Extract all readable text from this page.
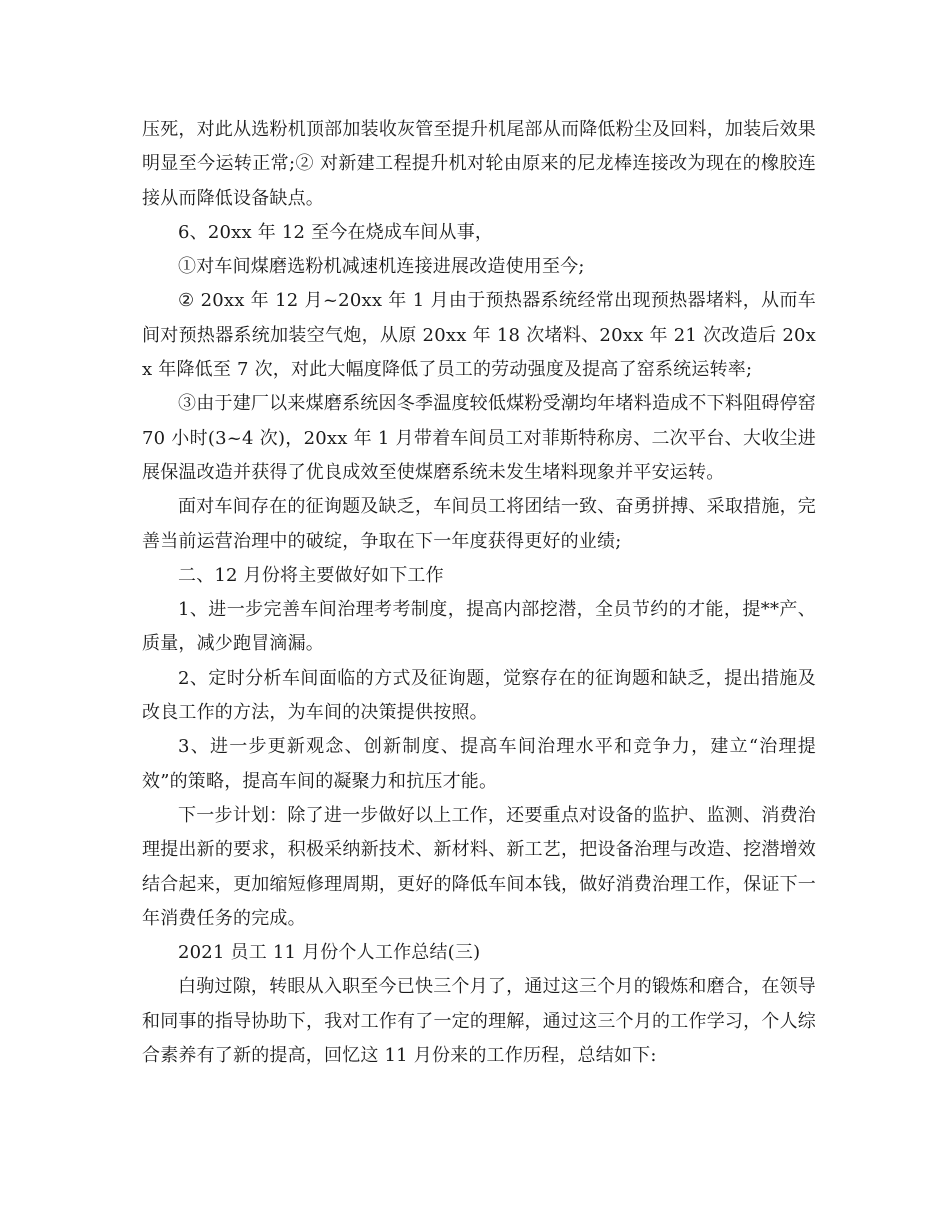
压死，对此从选粉机顶部加装收灰管至提升机尾部从而降低粉尘及回料，加装后效果明显至今运转正常;② 对新建工程提升机对轮由原来的尼龙棒连接改为现在的橡胶连接从而降低设备缺点。

6、20xx 年 12 至今在烧成车间从事，

①对车间煤磨选粉机减速机连接进展改造使用至今;

② 20xx 年 12 月~20xx 年 1 月由于预热器系统经常出现预热器堵料，从而车间对预热器系统加装空气炮，从原 20xx 年 18 次堵料、20xx 年 21 次改造后 20xx 年降低至 7 次，对此大幅度降低了员工的劳动强度及提高了窑系统运转率;

③由于建厂以来煤磨系统因冬季温度较低煤粉受潮均年堵料造成不下料阻碍停窑 70 小时(3~4 次)，20xx 年 1 月带着车间员工对菲斯特称房、二次平台、大收尘进展保温改造并获得了优良成效至使煤磨系统未发生堵料现象并平安运转。

面对车间存在的征询题及缺乏，车间员工将团结一致、奋勇拼搏、采取措施，完善当前运营治理中的破绽，争取在下一年度获得更好的业绩;

二、12 月份将主要做好如下工作

1、进一步完善车间治理考考制度，提高内部挖潜，全员节约的才能，提**产、质量，减少跑冒滴漏。

2、定时分析车间面临的方式及征询题，觉察存在的征询题和缺乏，提出措施及改良工作的方法，为车间的决策提供按照。

3、进一步更新观念、创新制度、提高车间治理水平和竞争力，建立“治理提效”的策略，提高车间的凝聚力和抗压才能。

下一步计划：除了进一步做好以上工作，还要重点对设备的监护、监测、消费治理提出新的要求，积极采纳新技术、新材料、新工艺，把设备治理与改造、挖潜增效结合起来，更加缩短修理周期，更好的降低车间本钱，做好消费治理工作，保证下一年消费任务的完成。

2021 员工 11 月份个人工作总结(三)

白驹过隙，转眼从入职至今已快三个月了，通过这三个月的锻炼和磨合，在领导和同事的指导协助下，我对工作有了一定的理解，通过这三个月的工作学习，个人综合素养有了新的提高，回忆这 11 月份来的工作历程，总结如下:
